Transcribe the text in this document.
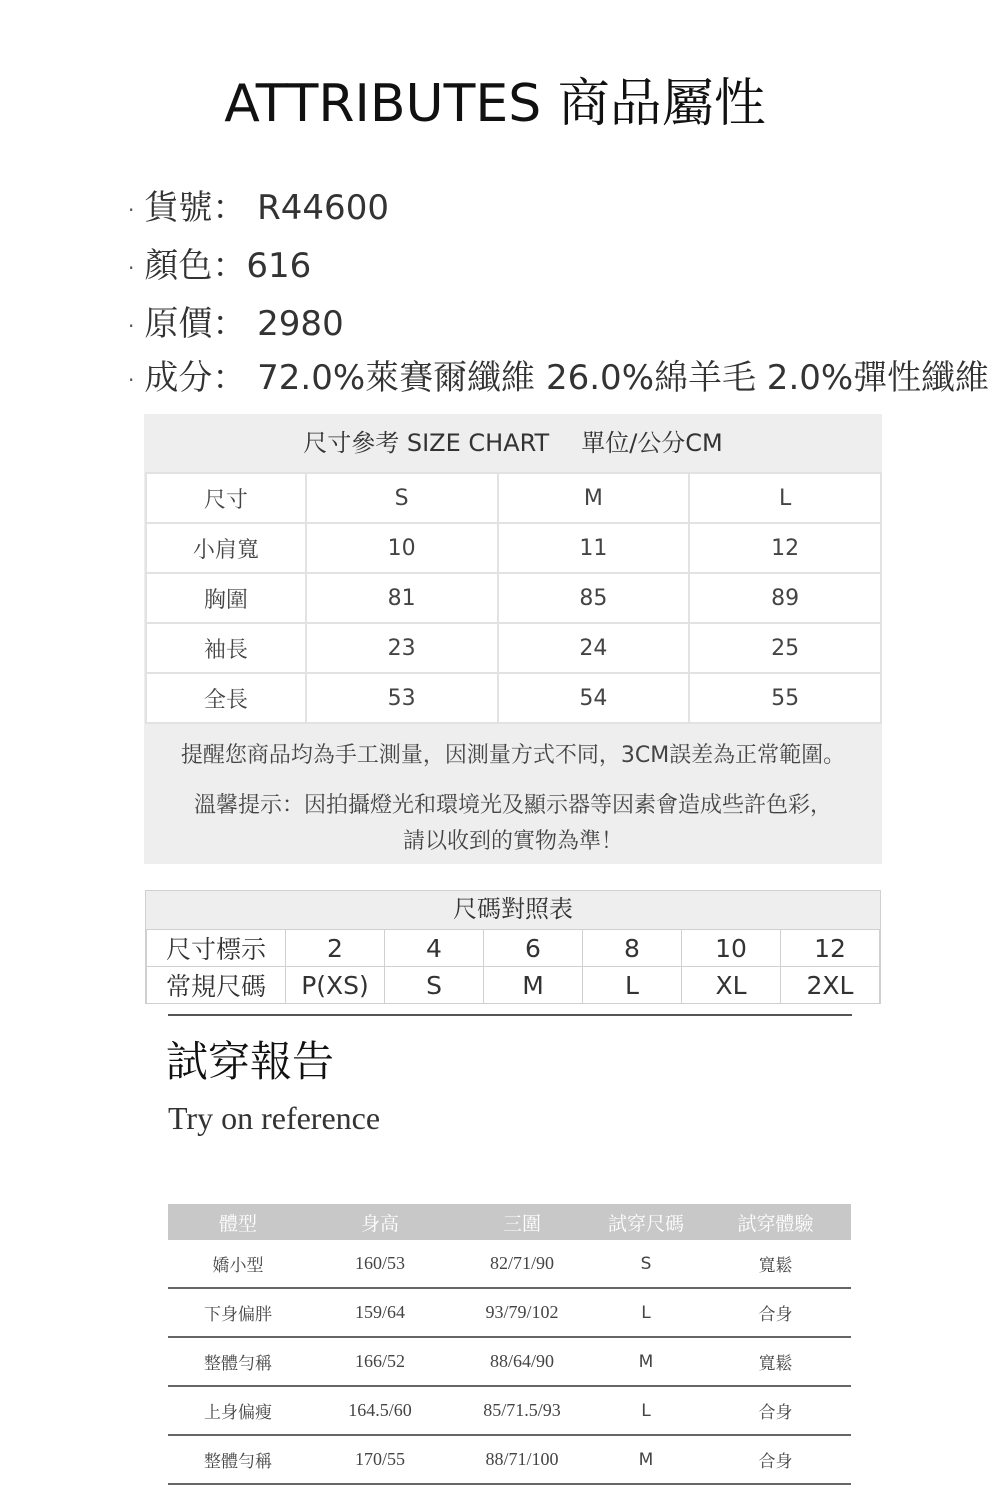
ATTRIBUTES 商品屬性
· 貨號： R44600
· 顏色：616
· 原價： 2980
· 成分： 72.0%萊賽爾纖維 26.0%綿羊毛 2.0%彈性纖維
尺寸參考 SIZE CHART 單位/公分CM
尺寸	S	M	L
小肩寬	10	11	12
胸圍	81	85	89
袖長	23	24	25
全長	53	54	55
提醒您商品均為手工測量，因測量方式不同，3CM誤差為正常範圍。
溫馨提示：因拍攝燈光和環境光及顯示器等因素會造成些許色彩，
請以收到的實物為準！
尺碼對照表
尺寸標示	2	4	6	8	10	12
常規尺碼	P(XS)	S	M	L	XL	2XL
試穿報告
Try on reference
體型	身高	三圍	試穿尺碼	試穿體驗
嬌小型	160/53	82/71/90	S	寬鬆
下身偏胖	159/64	93/79/102	L	合身
整體勻稱	166/52	88/64/90	M	寬鬆
上身偏瘦	164.5/60	85/71.5/93	L	合身
整體勻稱	170/55	88/71/100	M	合身
